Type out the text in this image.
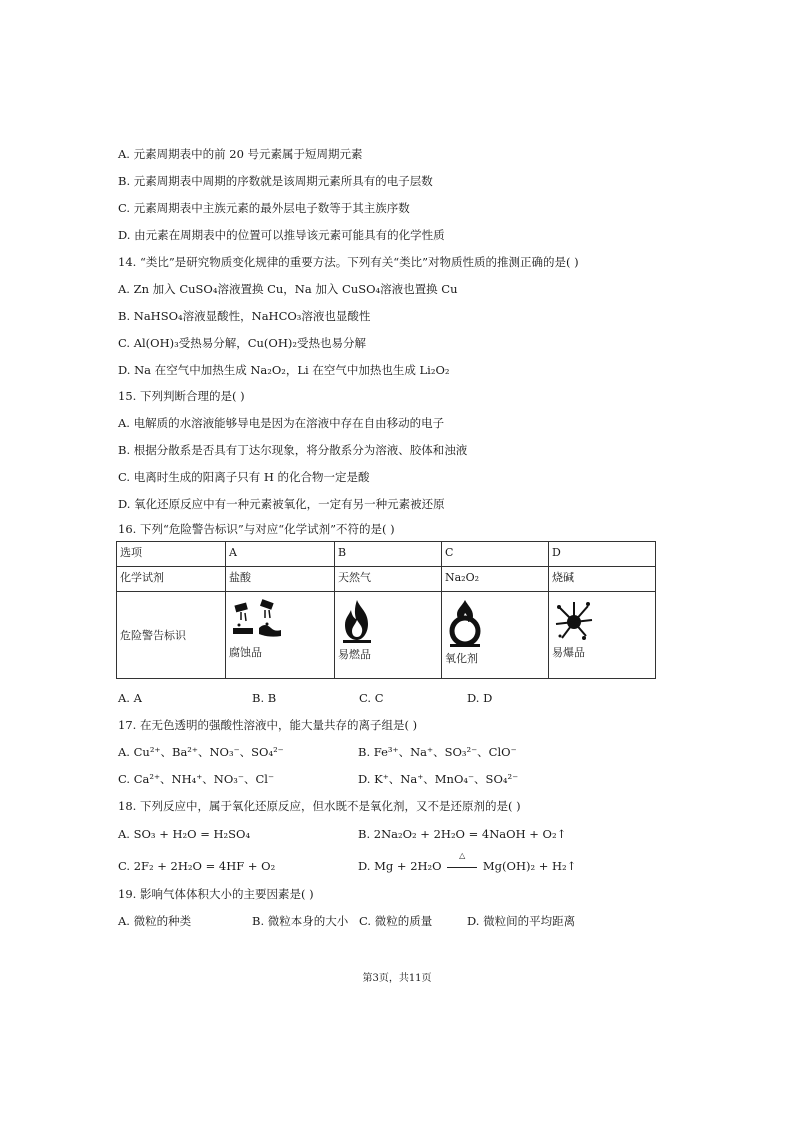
A. 元素周期表中的前 20 号元素属于短周期元素
B. 元素周期表中周期的序数就是该周期元素所具有的电子层数
C. 元素周期表中主族元素的最外层电子数等于其主族序数
D. 由元素在周期表中的位置可以推导该元素可能具有的化学性质
14. “类比”是研究物质变化规律的重要方法。下列有关“类比”对物质性质的推测正确的是( )
A. Zn 加入 CuSO₄溶液置换 Cu，Na 加入 CuSO₄溶液也置换 Cu
B. NaHSO₄溶液显酸性，NaHCO₃溶液也显酸性
C. Al(OH)₃受热易分解，Cu(OH)₂受热也易分解
D. Na 在空气中加热生成 Na₂O₂，Li 在空气中加热也生成 Li₂O₂
15. 下列判断合理的是( )
A. 电解质的水溶液能够导电是因为在溶液中存在自由移动的电子
B. 根据分散系是否具有丁达尔现象，将分散系分为溶液、胶体和浊液
C. 电离时生成的阳离子只有 H 的化合物一定是酸
D. 氧化还原反应中有一种元素被氧化，一定有另一种元素被还原
16. 下列“危险警告标识”与对应“化学试剂”不符的是( )
选项	A	B	C	D
化学试剂	盐酸	天然气	Na₂O₂	烧碱
危险警告标识	腐蚀品	易燃品	氧化剂	易爆品
A. A	B. B	C. C	D. D
17. 在无色透明的强酸性溶液中，能大量共存的离子组是( )
A. Cu²⁺、Ba²⁺、NO₃⁻、SO₄²⁻	B. Fe³⁺、Na⁺、SO₃²⁻、ClO⁻
C. Ca²⁺、NH₄⁺、NO₃⁻、Cl⁻	D. K⁺、Na⁺、MnO₄⁻、SO₄²⁻
18. 下列反应中，属于氧化还原反应，但水既不是氧化剂，又不是还原剂的是( )
A. SO₃ + H₂O = H₂SO₄	B. 2Na₂O₂ + 2H₂O = 4NaOH + O₂↑
C. 2F₂ + 2H₂O = 4HF + O₂	D. Mg + 2H₂O
△
Mg(OH)₂ + H₂↑
19. 影响气体体积大小的主要因素是( )
A. 微粒的种类	B. 微粒本身的大小 C. 微粒的质量	D. 微粒间的平均距离
第3页，共11页
